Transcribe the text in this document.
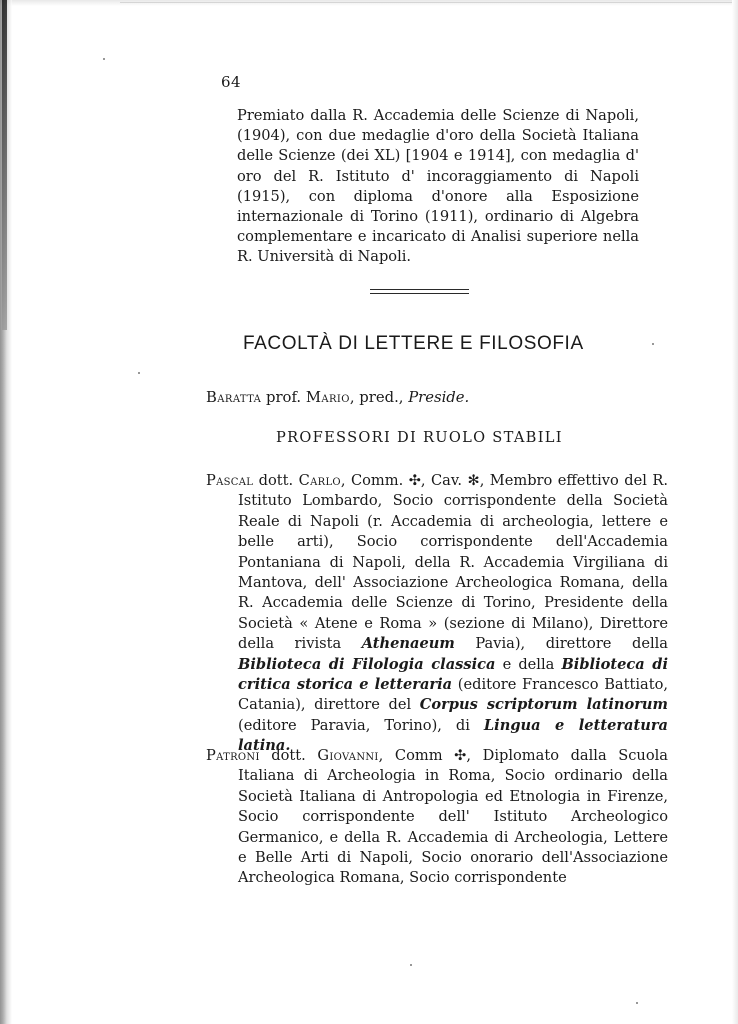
64

Premiato dalla R. Accademia delle Scienze di Napoli, (1904), con due medaglie d'oro della Società Italiana delle Scienze (dei XL) [1904 e 1914], con medaglia d' oro del R. Istituto d' incoraggiamento di Napoli (1915), con diploma d'onore alla Esposizione internazionale di Torino (1911), ordinario di Algebra complementare e incaricato di Analisi superiore nella R. Università di Napoli.

FACOLTÀ DI LETTERE E FILOSOFIA
Baratta prof. Mario, pred., Preside.
PROFESSORI DI RUOLO STABILI

Pascal dott. Carlo, Comm. ✣, Cav. ✻, Membro effettivo del R. Istituto Lombardo, Socio corrispondente della Società Reale di Napoli (r. Accademia di archeologia, lettere e belle arti), Socio corrispondente dell'Accademia Pontaniana di Napoli, della R. Accademia Virgiliana di Mantova, dell' Associazione Archeologica Romana, della R. Accademia delle Scienze di Torino, Presidente della Società « Atene e Roma » (sezione di Milano), Direttore della rivista Athenaeum Pavia), direttore della Biblioteca di Filologia classica e della Biblioteca di critica storica e letteraria (editore Francesco Battiato, Catania), direttore del Corpus scriptorum latinorum (editore Paravia, Torino), di Lingua e letteratura latina.

Patroni dott. Giovanni, Comm ✣, Diplomato dalla Scuola Italiana di Archeologia in Roma, Socio ordinario della Società Italiana di Antropologia ed Etnologia in Firenze, Socio corrispondente dell' Istituto Archeologico Germanico, e della R. Accademia di Archeologia, Lettere e Belle Arti di Napoli, Socio onorario dell'Associazione Archeologica Romana, Socio corrispondente
